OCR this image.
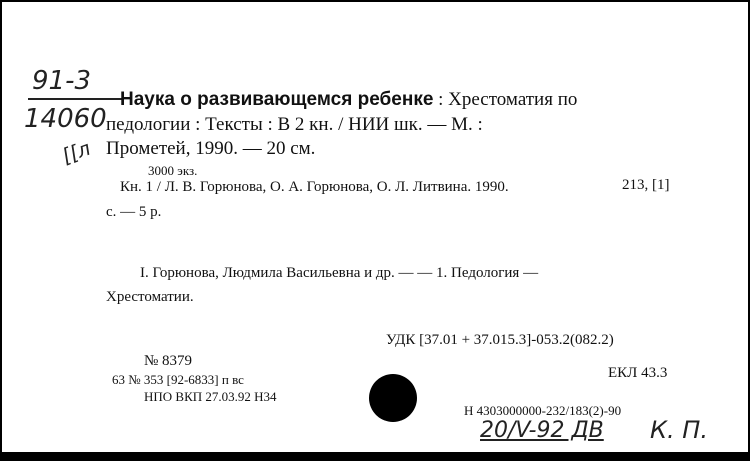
91-3
14060
[[л
Наука о развивающемся ребенке : Хрестоматия по
педологии : Тексты : В 2 кн. / НИИ шк. — М. :
Прометей, 1990. — 20 см.
3000 экз.
Кн. 1 / Л. В. Горюнова, О. А. Горюнова, О. Л. Литвина. 1990.	213, [1]
с. — 5 р.
I. Горюнова, Людмила Васильевна и др. — — 1. Педология —
Хрестоматии.
УДК [37.01 + 37.015.3]-053.2(082.2)
ЕКЛ 43.3
Н 4303000000-232/183(2)-90
№ 8379
63 № 353 [92-6833] п вс
НПО ВКП 27.03.92 Н34
20/V-92 ДВ К. П.
